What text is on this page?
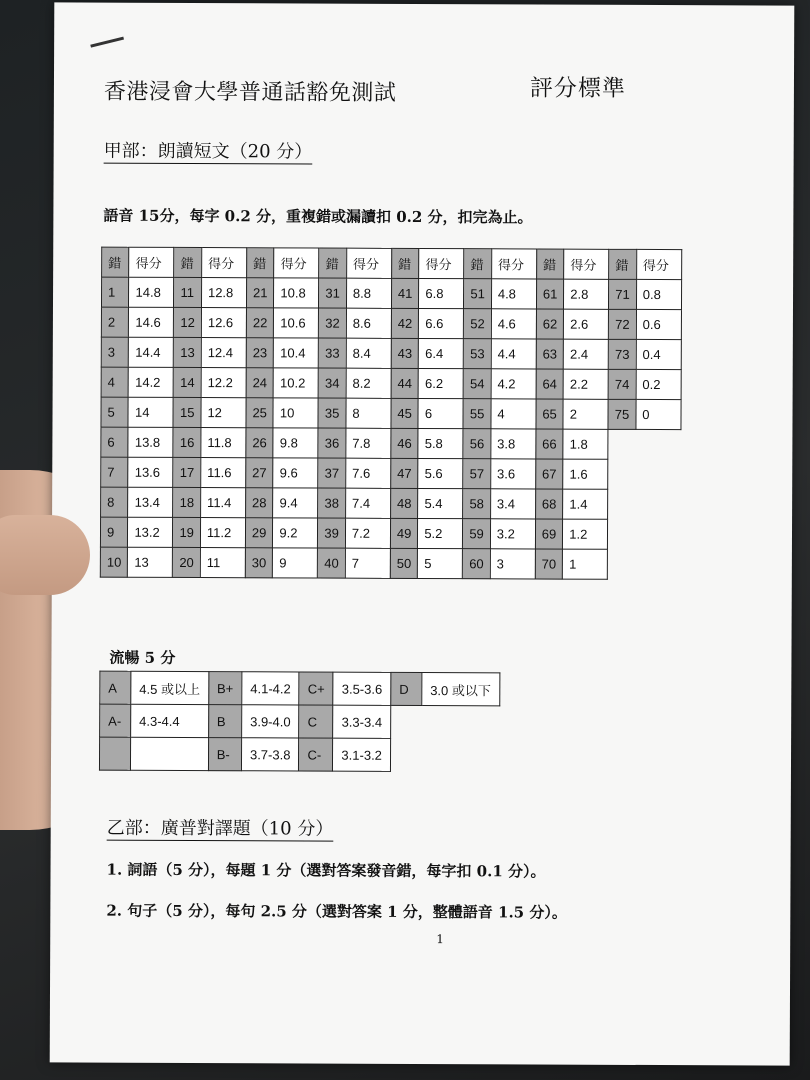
香港浸會大學普通話豁免測試	評分標準
甲部：朗讀短文（20 分）
語音 15分，每字 0.2 分，重複錯或漏讀扣 0.2 分，扣完為止。
錯	得分	錯	得分	錯	得分	錯	得分	錯	得分	錯	得分	錯	得分	錯	得分
1	14.8	11	12.8	21	10.8	31	8.8	41	6.8	51	4.8	61	2.8	71	0.8
2	14.6	12	12.6	22	10.6	32	8.6	42	6.6	52	4.6	62	2.6	72	0.6
3	14.4	13	12.4	23	10.4	33	8.4	43	6.4	53	4.4	63	2.4	73	0.4
4	14.2	14	12.2	24	10.2	34	8.2	44	6.2	54	4.2	64	2.2	74	0.2
5	14	15	12	25	10	35	8	45	6	55	4	65	2	75	0
6	13.8	16	11.8	26	9.8	36	7.8	46	5.8	56	3.8	66	1.8		
7	13.6	17	11.6	27	9.6	37	7.6	47	5.6	57	3.6	67	1.6		
8	13.4	18	11.4	28	9.4	38	7.4	48	5.4	58	3.4	68	1.4		
9	13.2	19	11.2	29	9.2	39	7.2	49	5.2	59	3.2	69	1.2		
10	13	20	11	30	9	40	7	50	5	60	3	70	1		
流暢 5 分
A	4.5 或以上	B+	4.1-4.2	C+	3.5-3.6	D	3.0 或以下
A-	4.3-4.4	B	3.9-4.0	C	3.3-3.4		
		B-	3.7-3.8	C-	3.1-3.2		
乙部：廣普對譯題（10 分）
1. 詞語（5 分），每題 1 分（選對答案發音錯，每字扣 0.1 分）。
2. 句子（5 分），每句 2.5 分（選對答案 1 分，整體語音 1.5 分）。
1
